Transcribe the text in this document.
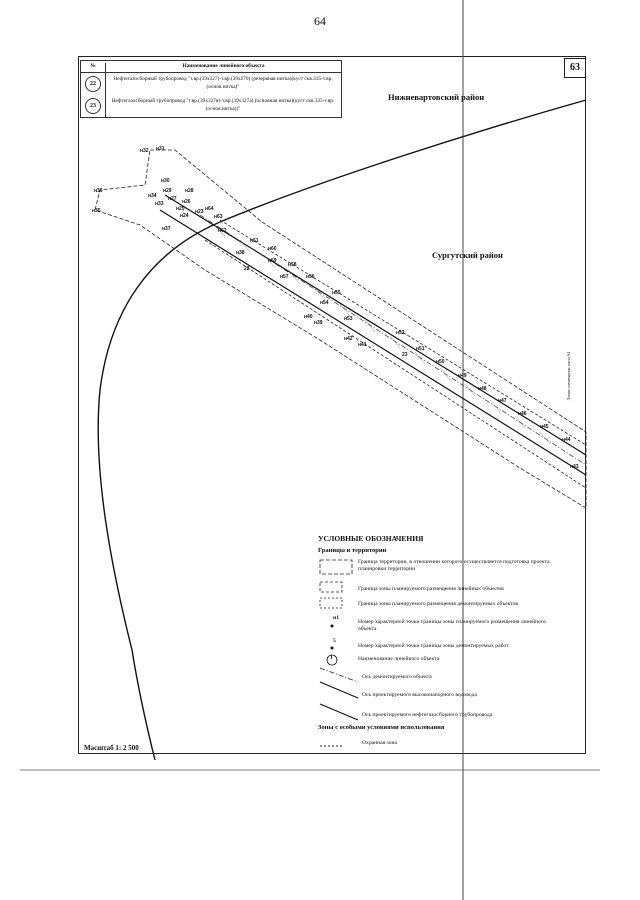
64
63
№	Наименование линейного объекта
22
Нефтегазосборный трубопровод "т.вр.(39х327)-т.вр.(39х270) (резервная нитка)(куст скв.335-т.вр. (основ.нитка)"
23
Нефтегазосборный трубопровод "т.вр.(39х327в)-т.вр.(39х327а) (основная нитка)(куст скв.335-т.вр. (основ.нитка))"
Нижневартовский район
Сургутский район
н32 н31
н30
н29	н28
н27 н26
н25
н24
н23
н36
н35
н34
н33
н37
н64
н63
н62
н61
н60
н59
н58
н57	н56
н55
н54
н53
н52
н51
н50
н49
н48
н47
н46
н45
н44
н43
н42
н41
н40
н39
н38
22
23	Линия совмещения листа 64
УСЛОВНЫЕ ОБОЗНАЧЕНИЯ
Границы и территории
н1
5
1
Граница территории, в отношении которого осуществляется подготовка проекта планировки территории
Граница зоны планируемого размещения линейных объектов
Граница зоны планируемого размещения демонтируемых объектов
Номер характерной точки границы зоны планируемого размещения линейного объекта
Номер характерной точки границы зоны демонтируемых работ
Наименование линейного объекта
Ось демонтируемого объекта
Ось проектируемого высоконапорного водовода
Ось проектируемого нефтегазосборного трубопровода
Зоны с особыми условиями использования
Охранная зона
Масштаб 1: 2 500
